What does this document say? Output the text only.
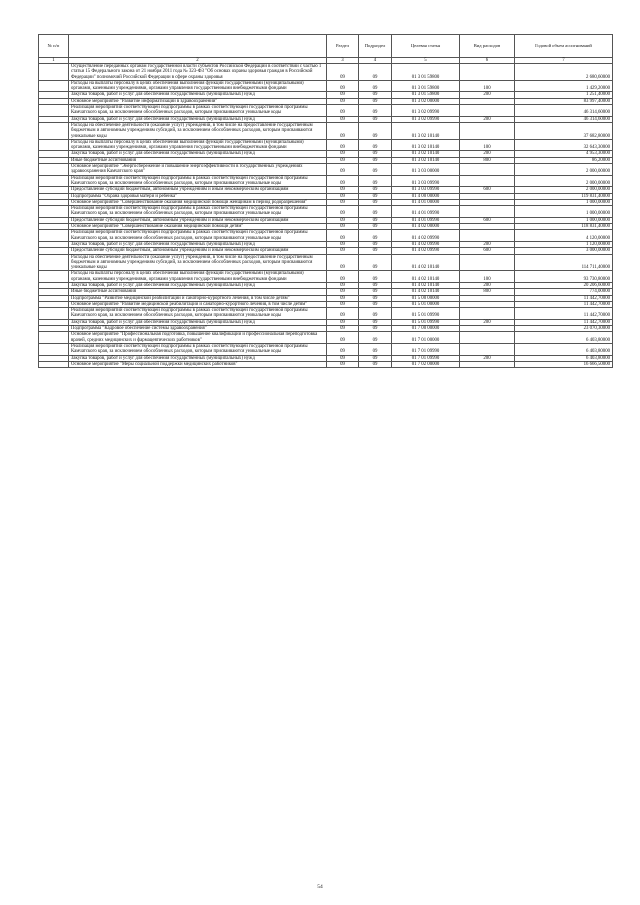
№ п/п		Раздел	Подраздел	Целевая статья	Вид расходов	Годовой объем ассигнований
1	2	3	4	5	6	7
	Осуществление переданных органам государственной власти субъектов Российской Федерации в соответствии с частью 1 статьи 15 Федерального закона от 21 ноября 2011 года № 323-ФЗ "Об основах охраны здоровья граждан в Российской Федерации" полномочий Российской Федерации в сфере охраны здоровья	09	09	01 3 01 59800		2 680,60000
	Расходы на выплаты персоналу в целях обеспечения выполнения функций государственными (муниципальными) органами, казенными учреждениями, органами управления государственными внебюджетными фондами	09	09	01 3 01 59800	100	1 429,20000
	Закупка товаров, работ и услуг для обеспечения государственных (муниципальных) нужд	09	09	01 3 01 59800	200	1 251,40000
	Основное мероприятие "Развитие информатизации в здравоохранении"	09	09	01 3 02 00000		83 997,40000
	Реализация мероприятий соответствующей подпрограммы в рамках соответствующей государственной программы Камчатского края, за исключением обособленных расходов, которым присваиваются уникальные коды	09	09	01 3 02 09990		46 314,60000
	Закупка товаров, работ и услуг для обеспечения государственных (муниципальных) нужд	09	09	01 3 02 09990	200	46 314,60000
	Расходы на обеспечение деятельности (оказание услуг) учреждений, в том числе на предоставление государственным бюджетным и автономным учреждениям субсидий, за исключением обособленных расходов, которым присваиваются уникальные коды	09	09	01 3 02 10140		37 682,80000
	Расходы на выплаты персоналу в целях обеспечения выполнения функций государственными (муниципальными) органами, казенными учреждениями, органами управления государственными внебюджетными фондами	09	09	01 3 02 10140	100	32 643,30000
	Закупка товаров, работ и услуг для обеспечения государственных (муниципальных) нужд	09	09	01 3 02 10140	200	4 953,30000
	Иные бюджетные ассигнования	09	09	01 3 02 10140	800	86,20000
	Основное мероприятие "Энергосбережение и повышение энергоэффективности в государственных учреждениях здравоохранения Камчатского края"	09	09	01 3 03 00000		2 000,00000
	Реализация мероприятий соответствующей подпрограммы в рамках соответствующей государственной программы Камчатского края, за исключением обособленных расходов, которым присваиваются уникальные коды	09	09	01 3 03 09990		2 000,00000
	Предоставление субсидий бюджетным, автономным учреждениям и иным некоммерческим организациям	09	09	01 3 03 09990	600	2 000,00000
	Подпрограмма "Охрана здоровья матери и ребенка"	09	09	01 4 00 00000		119 831,40000
	Основное мероприятие "Совершенствование оказания медицинской помощи женщинам в период родоразрешения"	09	09	01 4 01 00000		1 000,00000
	Реализация мероприятий соответствующей подпрограммы в рамках соответствующей государственной программы Камчатского края, за исключением обособленных расходов, которым присваиваются уникальные коды	09	09	01 4 01 09990		1 000,00000
	Предоставление субсидий бюджетным, автономным учреждениям и иным некоммерческим организациям	09	09	01 4 01 09990	600	1 000,00000
	Основное мероприятие "Совершенствование оказания медицинской помощи детям"	09	09	01 4 02 00000		118 831,40000
	Реализация мероприятий соответствующей подпрограммы в рамках соответствующей государственной программы Камчатского края, за исключением обособленных расходов, которым присваиваются уникальные коды	09	09	01 4 02 09990		4 120,00000
	Закупка товаров, работ и услуг для обеспечения государственных (муниципальных) нужд	09	09	01 4 02 09990	200	1 120,00000
	Предоставление субсидий бюджетным, автономным учреждениям и иным некоммерческим организациям	09	09	01 4 02 09990	600	3 000,00000
	Расходы на обеспечение деятельности (оказание услуг) учреждений, в том числе на предоставление государственным бюджетным и автономным учреждениям субсидий, за исключением обособленных расходов, которым присваиваются уникальные коды	09	09	01 4 02 10140		114 711,40000
	Расходы на выплаты персоналу в целях обеспечения выполнения функций государственными (муниципальными) органами, казенными учреждениями, органами управления государственными внебюджетными фондами	09	09	01 4 02 10140	100	93 730,80000
	Закупка товаров, работ и услуг для обеспечения государственных (муниципальных) нужд	09	09	01 4 02 10140	200	20 206,60000
	Иные бюджетные ассигнования	09	09	01 4 02 10140	800	774,00000
	Подпрограмма "Развитие медицинской реабилитации и санаторно-курортного лечения, в том числе детям"	09	09	01 5 00 00000		11 442,70000
	Основное мероприятие "Развитие медицинской реабилитации и санаторно-курортного лечения, в том числе детям"	09	09	01 5 01 00000		11 442,70000
	Реализация мероприятий соответствующей подпрограммы в рамках соответствующей государственной программы Камчатского края, за исключением обособленных расходов, которым присваиваются уникальные коды	09	09	01 5 01 09990		11 442,70000
	Закупка товаров, работ и услуг для обеспечения государственных (муниципальных) нужд	09	09	01 5 01 09990	200	11 442,70000
	Подпрограмма "Кадровое обеспечение системы здравоохранения"	09	09	01 7 00 00000		23 070,30000
	Основное мероприятие "Профессиональная подготовка, повышение квалификации и профессиональная переподготовка врачей, средних медицинских и фармацевтических работников"	09	09	01 7 01 00000		6 403,80000
	Реализация мероприятий соответствующей подпрограммы в рамках соответствующей государственной программы Камчатского края, за исключением обособленных расходов, которым присваиваются уникальные коды	09	09	01 7 01 09990		6 403,80000
	Закупка товаров, работ и услуг для обеспечения государственных (муниципальных) нужд	09	09	01 7 01 09990	200	6 403,80000
	Основное мероприятие "Меры социальной поддержки медицинских работников"	09	09	01 7 02 00000		16 666,50000
54
